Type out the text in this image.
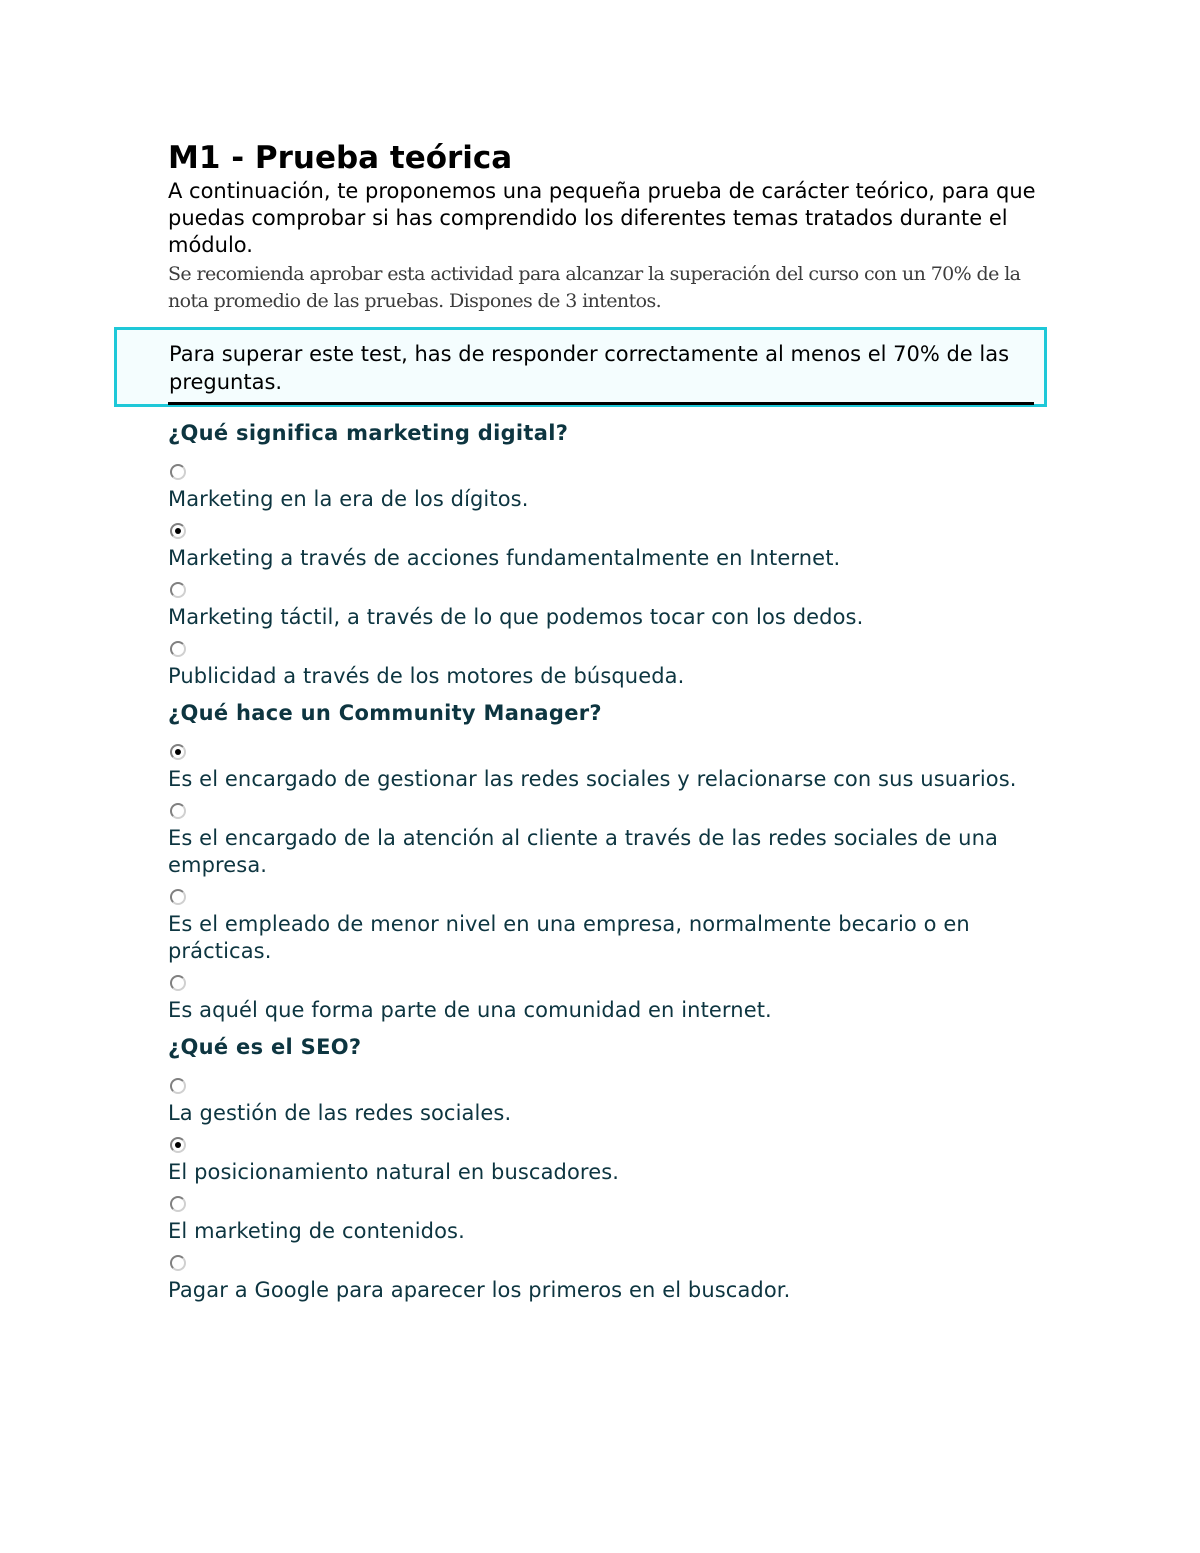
M1 - Prueba teórica

A continuación, te proponemos una pequeña prueba de carácter teórico, para que puedas comprobar si has comprendido los diferentes temas tratados durante el módulo.

Se recomienda aprobar esta actividad para alcanzar la superación del curso con un 70% de la nota promedio de las pruebas. Dispones de 3 intentos.

Para superar este test, has de responder correctamente al menos el 70% de las preguntas.
¿Qué significa marketing digital?
Marketing en la era de los dígitos.
Marketing a través de acciones fundamentalmente en Internet.
Marketing táctil, a través de lo que podemos tocar con los dedos.
Publicidad a través de los motores de búsqueda.
¿Qué hace un Community Manager?
Es el encargado de gestionar las redes sociales y relacionarse con sus usuarios.
Es el encargado de la atención al cliente a través de las redes sociales de una empresa.
Es el empleado de menor nivel en una empresa, normalmente becario o en prácticas.
Es aquél que forma parte de una comunidad en internet.
¿Qué es el SEO?
La gestión de las redes sociales.
El posicionamiento natural en buscadores.
El marketing de contenidos.
Pagar a Google para aparecer los primeros en el buscador.
